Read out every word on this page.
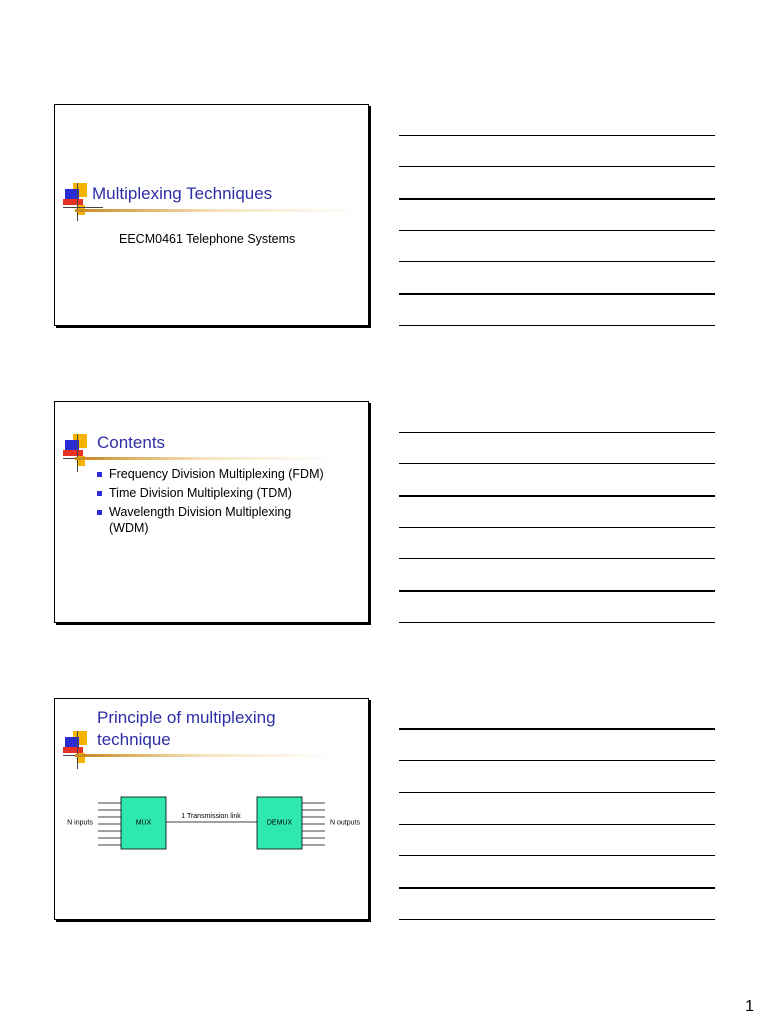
Multiplexing Techniques
EECM0461 Telephone Systems
Contents
Frequency Division Multiplexing (FDM)
Time Division Multiplexing (TDM)
Wavelength Division Multiplexing (WDM)
Principle of multiplexing
technique
N inputs	MUX
1 Transmission link
DEMUX	N outputs
1
